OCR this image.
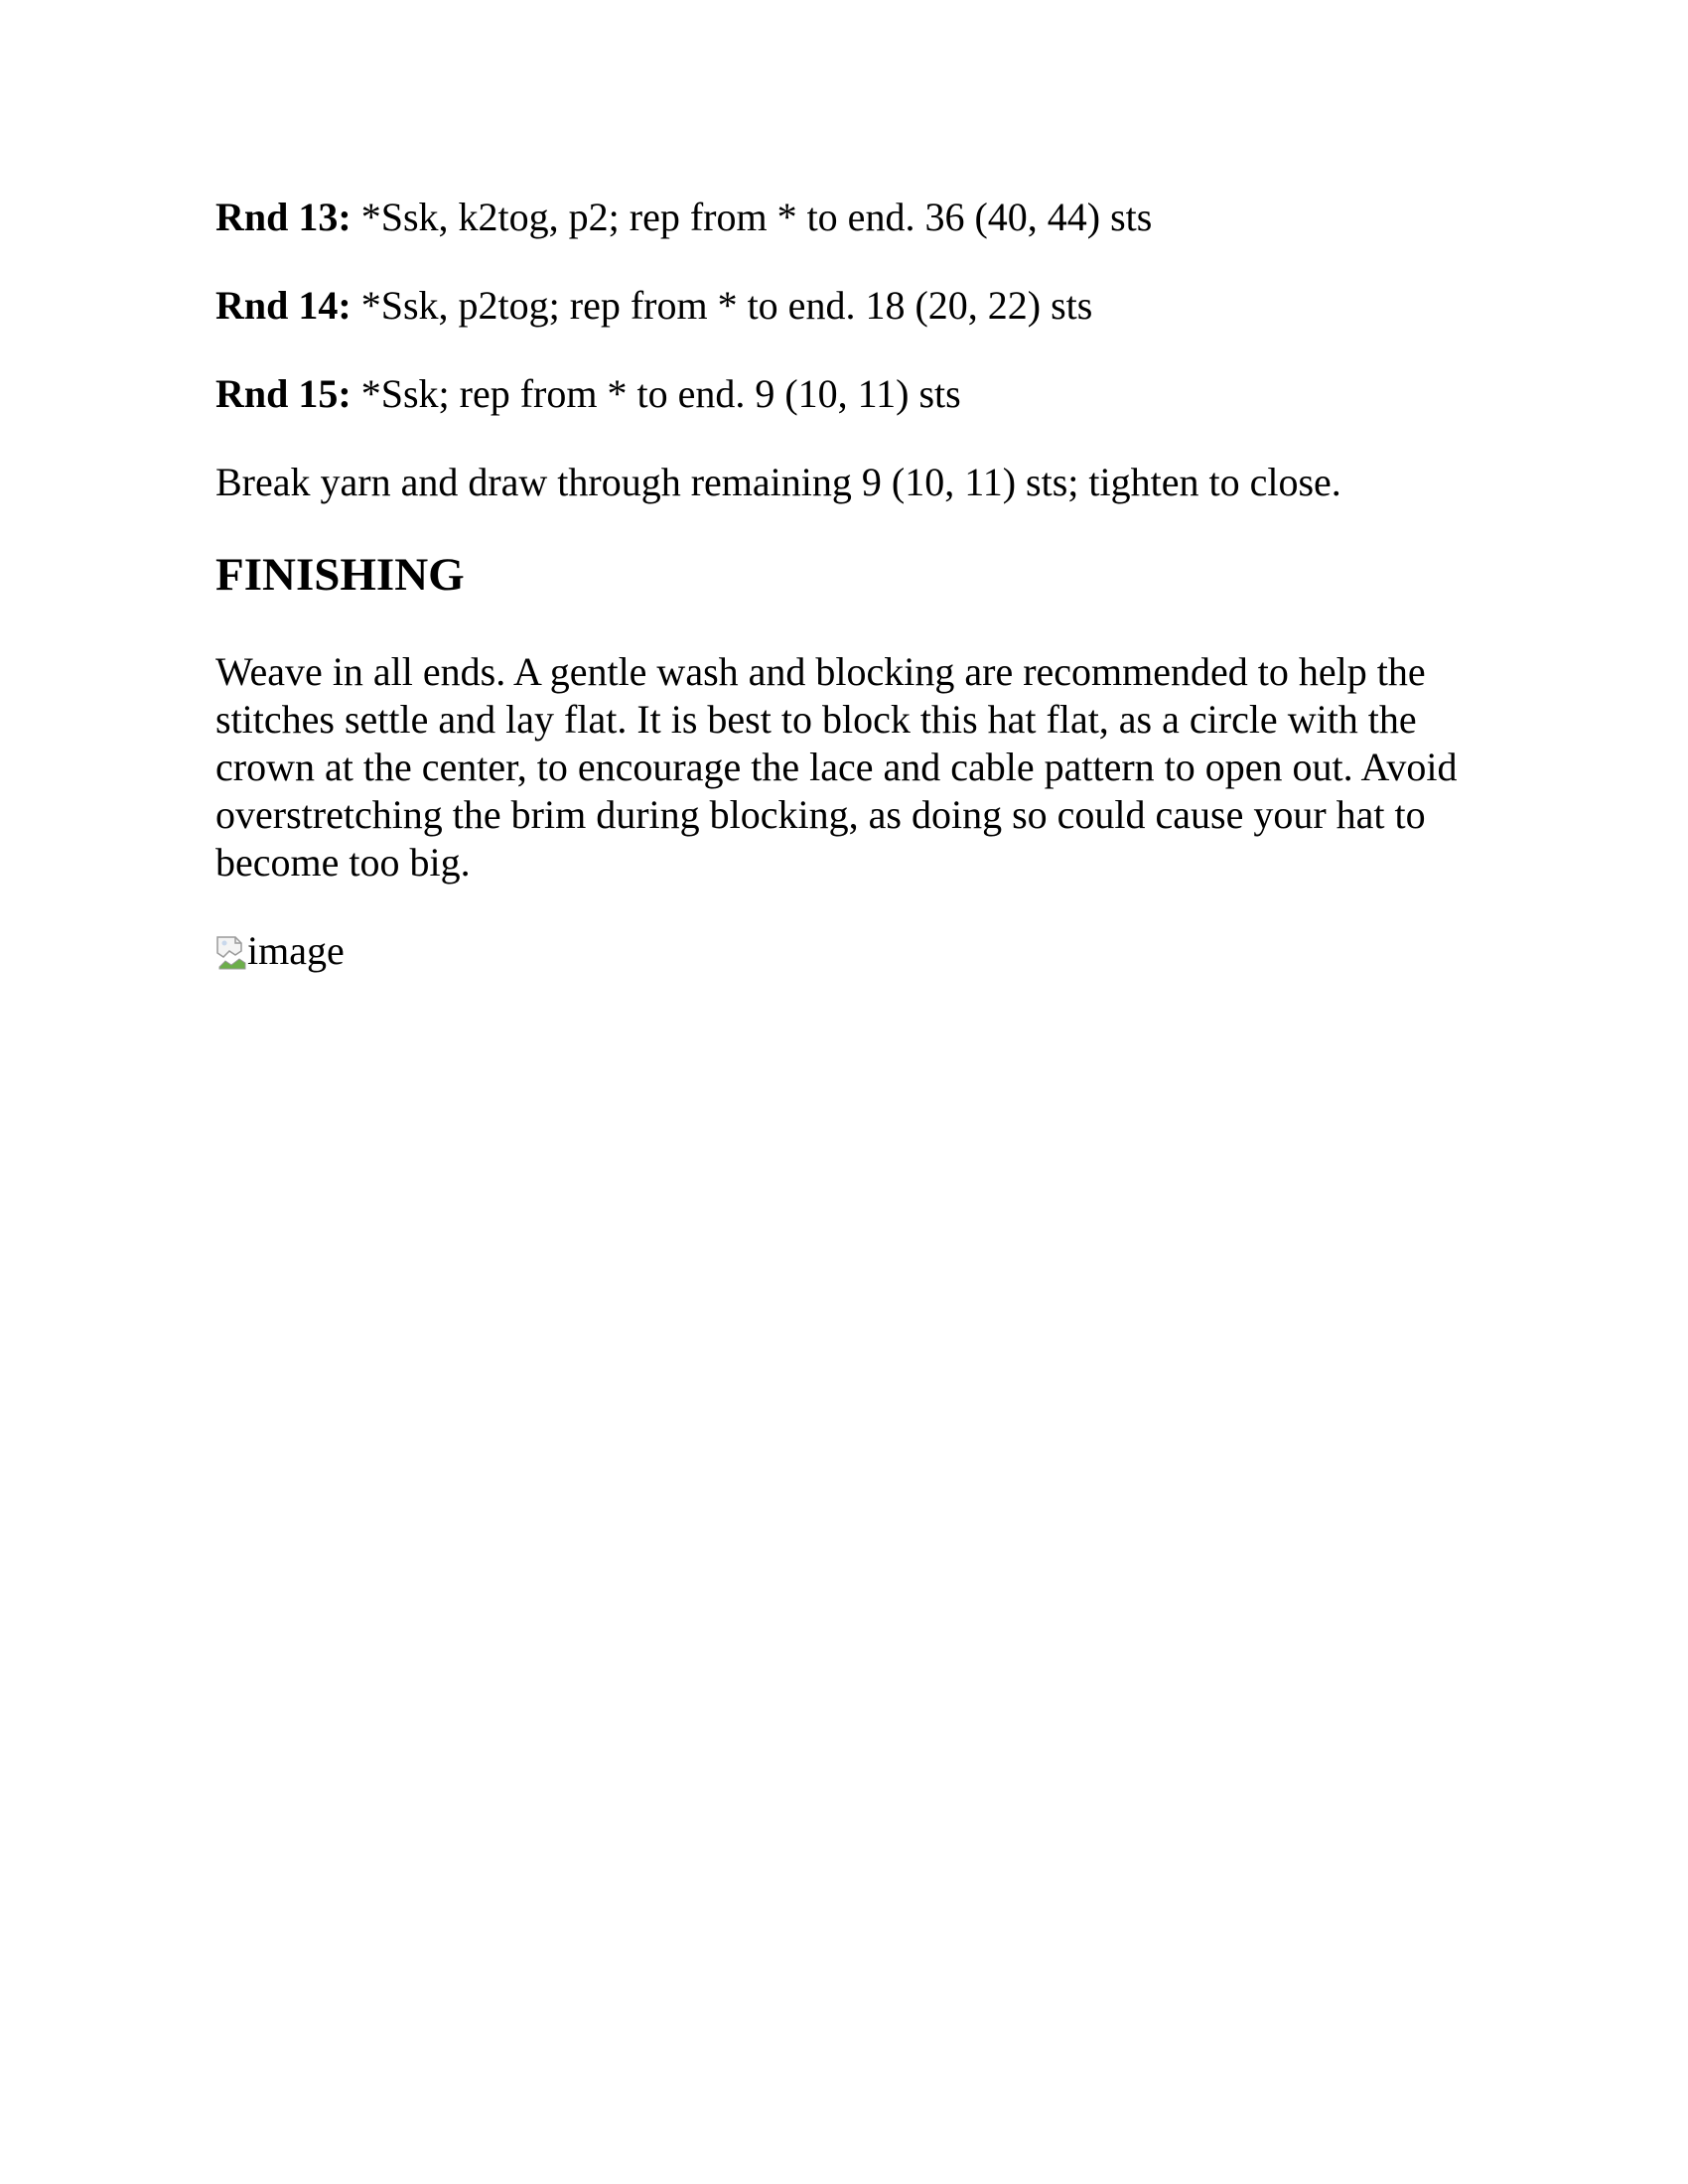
Rnd 13: *Ssk, k2tog, p2; rep from * to end. 36 (40, 44) sts

Rnd 14: *Ssk, p2tog; rep from * to end. 18 (20, 22) sts

Rnd 15: *Ssk; rep from * to end. 9 (10, 11) sts

Break yarn and draw through remaining 9 (10, 11) sts; tighten to close.

FINISHING

Weave in all ends. A gentle wash and blocking are recommended to help the stitches settle and lay flat. It is best to block this hat flat, as a circle with the crown at the center, to encourage the lace and cable pattern to open out. Avoid overstretching the brim during blocking, as doing so could cause your hat to become too big.

image
